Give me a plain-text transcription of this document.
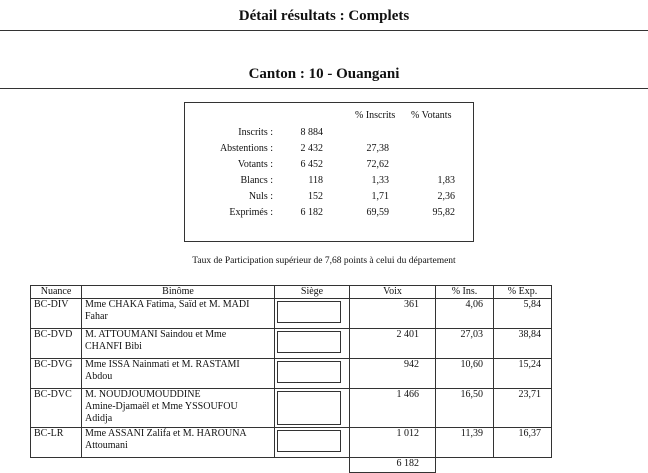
Détail résultats : Complets
Canton : 10 - Ouangani
% Inscrits % Votants
Inscrits :	8 884
Abstentions :	2 432	27,38
Votants :	6 452	72,62
Blancs :	118	1,33	1,83
Nuls :	152	1,71	2,36
Exprimés :	6 182	69,59	95,82
Taux de Participation supérieur de 7,68 points à celui du département
Nuance	Binôme	Siège	Voix	% Ins.	% Exp.
BC-DIV	Mme CHAKA Fatima, Saïd et M. MADI
Fahar		361	4,06	5,84
BC-DVD	M. ATTOUMANI Saindou et Mme
CHANFI Bibi		2 401	27,03	38,84
BC-DVG	Mme ISSA Nainmati et M. RASTAMI
Abdou		942	10,60	15,24
BC-DVC	M. NOUDJOUMOUDDINE
Amine-Djamaël et Mme YSSOUFOU
Adidja		1 466	16,50	23,71
BC-LR	Mme ASSANI Zalifa et M. HAROUNA
Attoumani		1 012	11,39	16,37
			6 182		
